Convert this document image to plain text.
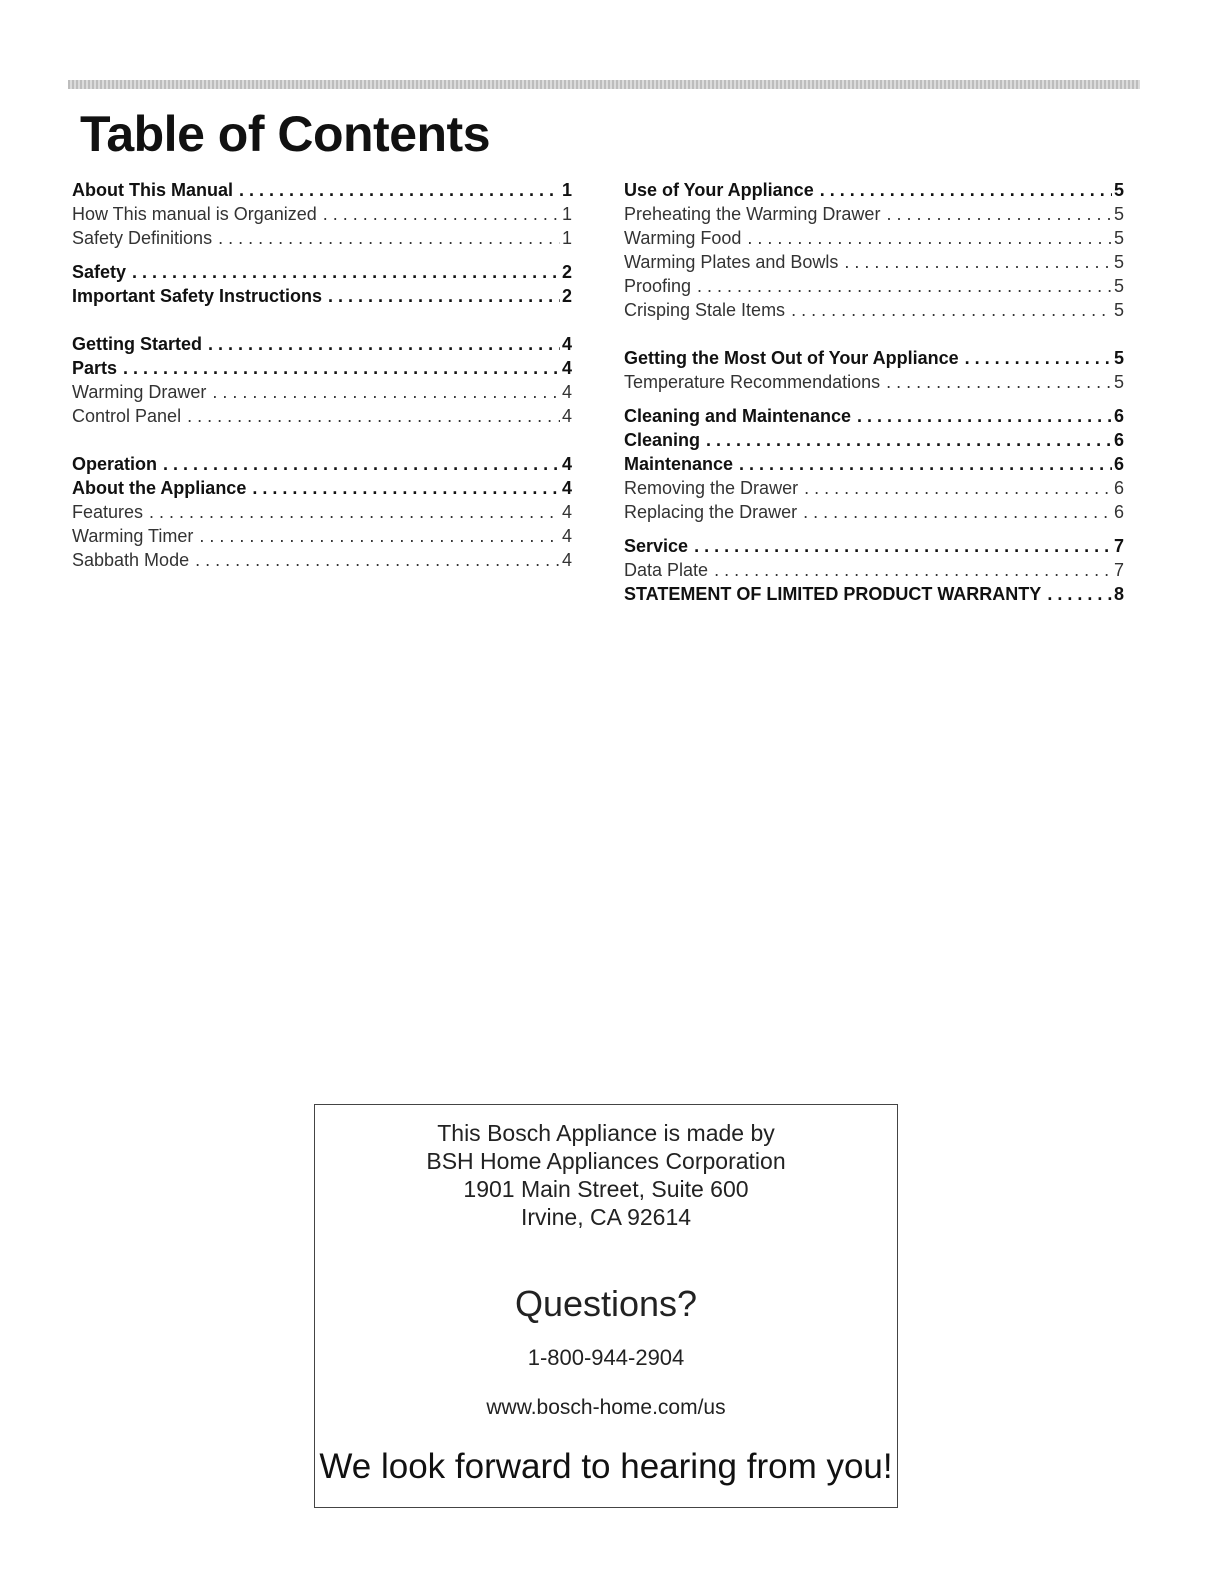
Table of Contents
About This Manual . . .	1
How This manual is Organized . . .	1
Safety Definitions . . .	1
Safety . . .	2
Important Safety Instructions . . .	2
Getting Started . . .	4
Parts . . .	4
Warming Drawer . . .	4
Control Panel . . .	4
Operation . . .	4
About the Appliance . . .	4
Features . . .	4
Warming Timer . . .	4
Sabbath Mode . . .	4
Use of Your Appliance . . .	5
Preheating the Warming Drawer . . .	5
Warming Food . . .	5
Warming Plates and Bowls . . .	5
Proofing . . .	5
Crisping Stale Items . . .	5
Getting the Most Out of Your Appliance . . .	5
Temperature Recommendations . . .	5
Cleaning and Maintenance . . .	6
Cleaning . . .	6
Maintenance . . .	6
Removing the Drawer . . .	6
Replacing the Drawer . . .	6
Service . . .	7
Data Plate . . .	7
STATEMENT OF LIMITED PRODUCT WARRANTY . . .	8
This Bosch Appliance is made by
BSH Home Appliances Corporation
1901 Main Street, Suite 600
Irvine, CA 92614
Questions?
1-800-944-2904
www.bosch-home.com/us
We look forward to hearing from you!
